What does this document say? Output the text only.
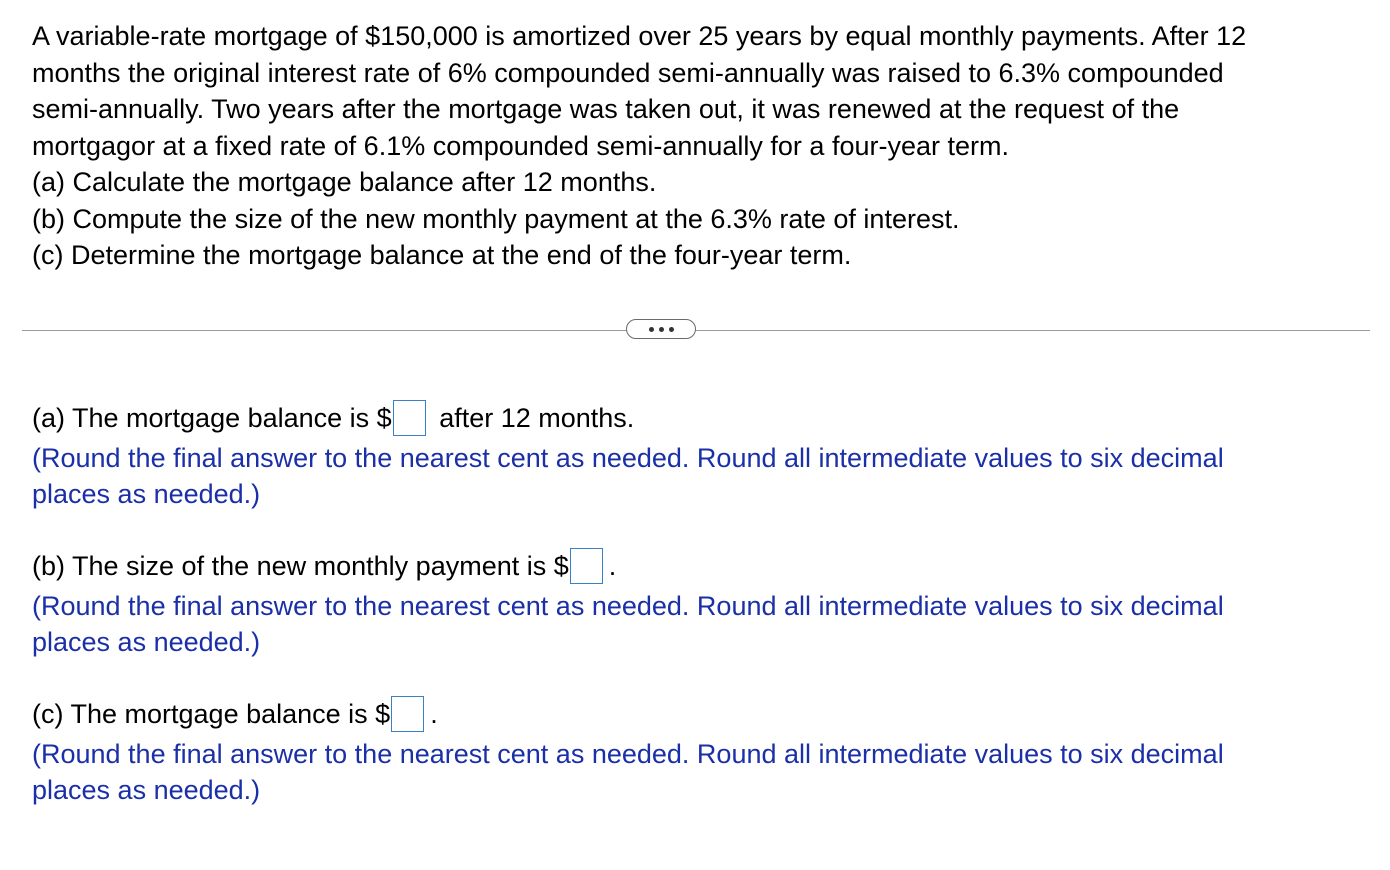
A variable-rate mortgage of $150,000 is amortized over 25 years by equal monthly payments. After 12
months the original interest rate of 6% compounded semi-annually was raised to 6.3% compounded
semi-annually. Two years after the mortgage was taken out, it was renewed at the request of the
mortgagor at a fixed rate of 6.1% compounded semi-annually for a four-year term.
(a) Calculate the mortgage balance after 12 months.
(b) Compute the size of the new monthly payment at the 6.3% rate of interest.
(c) Determine the mortgage balance at the end of the four-year term.
(a) The mortgage balance is $ after 12 months.
(Round the final answer to the nearest cent as needed. Round all intermediate values to six decimal
places as needed.)
(b) The size of the new monthly payment is $ .
(Round the final answer to the nearest cent as needed. Round all intermediate values to six decimal
places as needed.)
(c) The mortgage balance is $ .
(Round the final answer to the nearest cent as needed. Round all intermediate values to six decimal
places as needed.)
